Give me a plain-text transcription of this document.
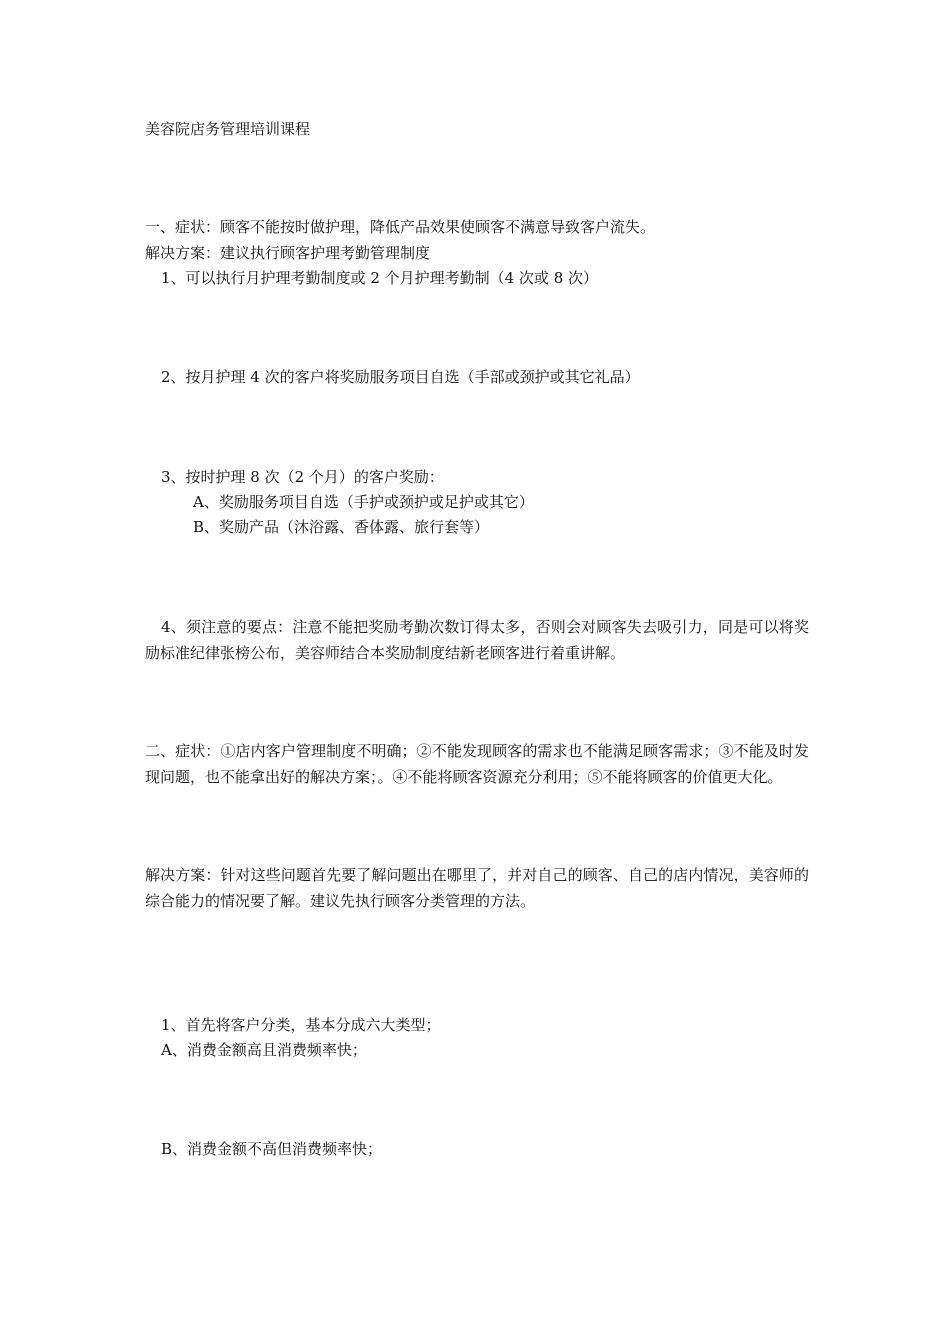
美容院店务管理培训课程
一、症状：顾客不能按时做护理，降低产品效果使顾客不满意导致客户流失。
解决方案：建议执行顾客护理考勤管理制度
1、可以执行月护理考勤制度或 2 个月护理考勤制（4 次或 8 次）
2、按月护理 4 次的客户将奖励服务项目自选（手部或颈护或其它礼品）
3、按时护理 8 次（2 个月）的客户奖励：
A、奖励服务项目自选（手护或颈护或足护或其它）
B、奖励产品（沐浴露、香体露、旅行套等）
4、须注意的要点：注意不能把奖励考勤次数订得太多，否则会对顾客失去吸引力，同是可以将奖励标准纪律张榜公布，美容师结合本奖励制度结新老顾客进行着重讲解。
二、症状：①店内客户管理制度不明确；②不能发现顾客的需求也不能满足顾客需求；③不能及时发现问题，也不能拿出好的解决方案；。④不能将顾客资源充分利用；⑤不能将顾客的价值更大化。
解决方案：针对这些问题首先要了解问题出在哪里了，并对自己的顾客、自己的店内情况，美容师的综合能力的情况要了解。建议先执行顾客分类管理的方法。
1、首先将客户分类，基本分成六大类型；
A、消费金额高且消费频率快；
B、消费金额不高但消费频率快；
